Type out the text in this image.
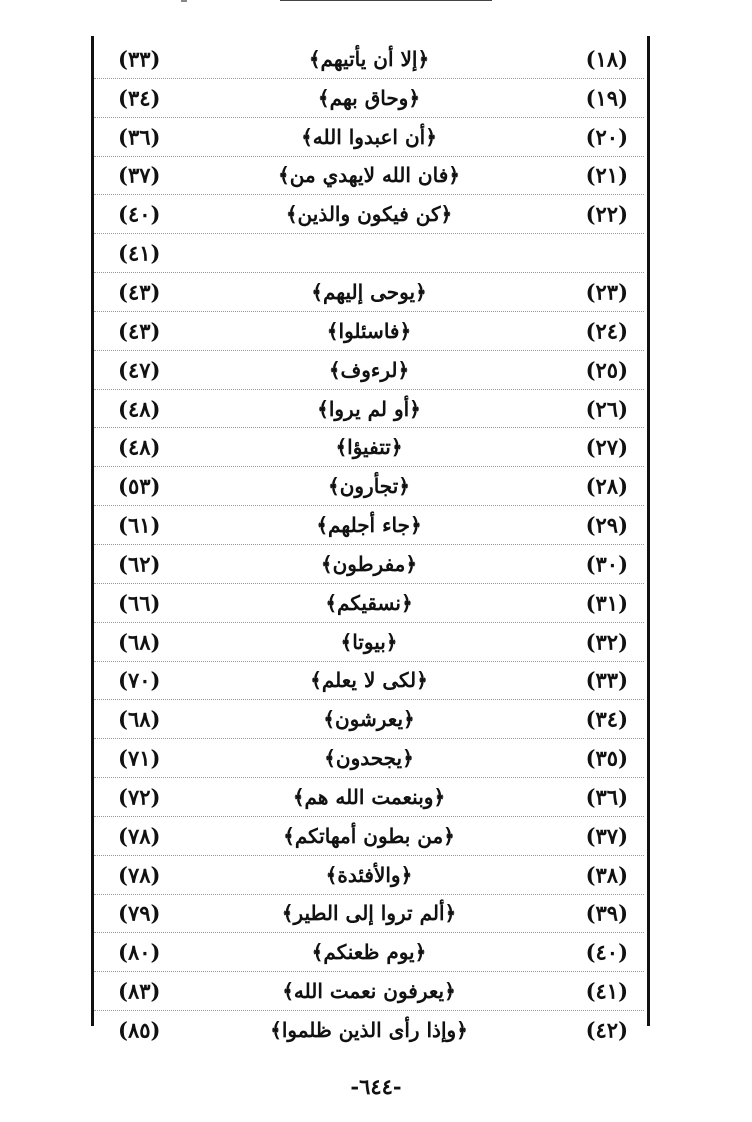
(١٨)
﴿إلا أن يأتيهم﴾
(٣٣)
(١٩)
﴿وحاق بهم﴾
(٣٤)
(٢٠)
﴿أن اعبدوا الله﴾
(٣٦)
(٢١)
﴿فان الله لايهدي من﴾
(٣٧)
(٢٢)
﴿كن فيكون والذين﴾
(٤٠)
(٤١)
(٢٣)
﴿يوحى إليهم﴾
(٤٣)
(٢٤)
﴿فاسئلوا﴾
(٤٣)
(٢٥)
﴿لرءوف﴾
(٤٧)
(٢٦)
﴿أو لم يروا﴾
(٤٨)
(٢٧)
﴿تتفيؤا﴾
(٤٨)
(٢٨)
﴿تجأرون﴾
(٥٣)
(٢٩)
﴿جاء أجلهم﴾
(٦١)
(٣٠)
﴿مفرطون﴾
(٦٢)
(٣١)
﴿نسقيكم﴾
(٦٦)
(٣٢)
﴿بيوتا﴾
(٦٨)
(٣٣)
﴿لكى لا يعلم﴾
(٧٠)
(٣٤)
﴿يعرشون﴾
(٦٨)
(٣٥)
﴿يجحدون﴾
(٧١)
(٣٦)
﴿وبنعمت الله هم﴾
(٧٢)
(٣٧)
﴿من بطون أمهاتكم﴾
(٧٨)
(٣٨)
﴿والأفئدة﴾
(٧٨)
(٣٩)
﴿ألم تروا إلى الطير﴾
(٧٩)
(٤٠)
﴿يوم ظعنكم﴾
(٨٠)
(٤١)
﴿يعرفون نعمت الله﴾
(٨٣)
(٤٢)
﴿وإذا رأى الذين ظلموا﴾
(٨٥)
-٦٤٤-
